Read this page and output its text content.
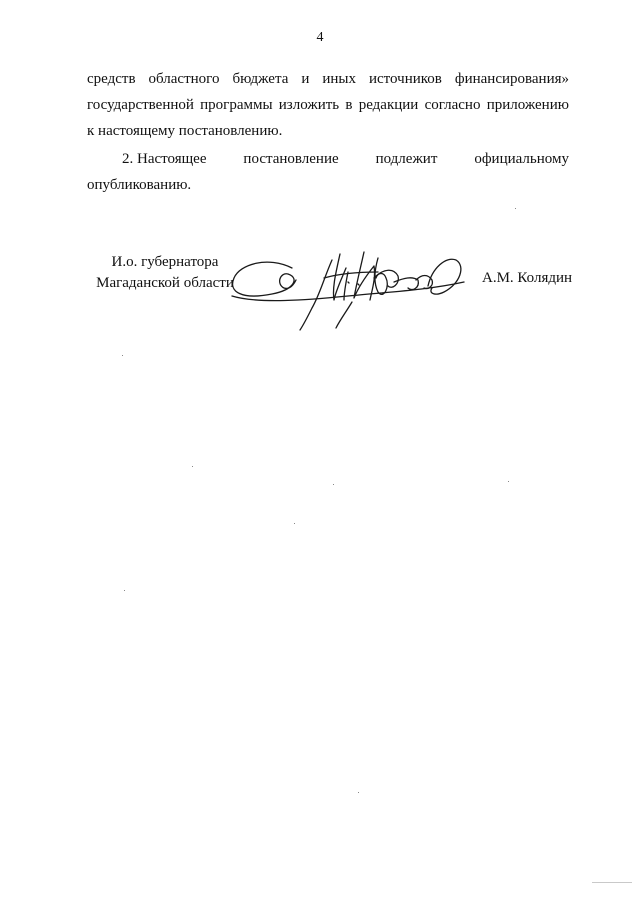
4
средств областного бюджета и иных источников финансирования»
государственной программы изложить в редакции согласно приложению
к настоящему постановлению.
2. Настоящее постановление подлежит официальному
опубликованию.
И.о. губернатора
Магаданской области	А.М. Колядин
